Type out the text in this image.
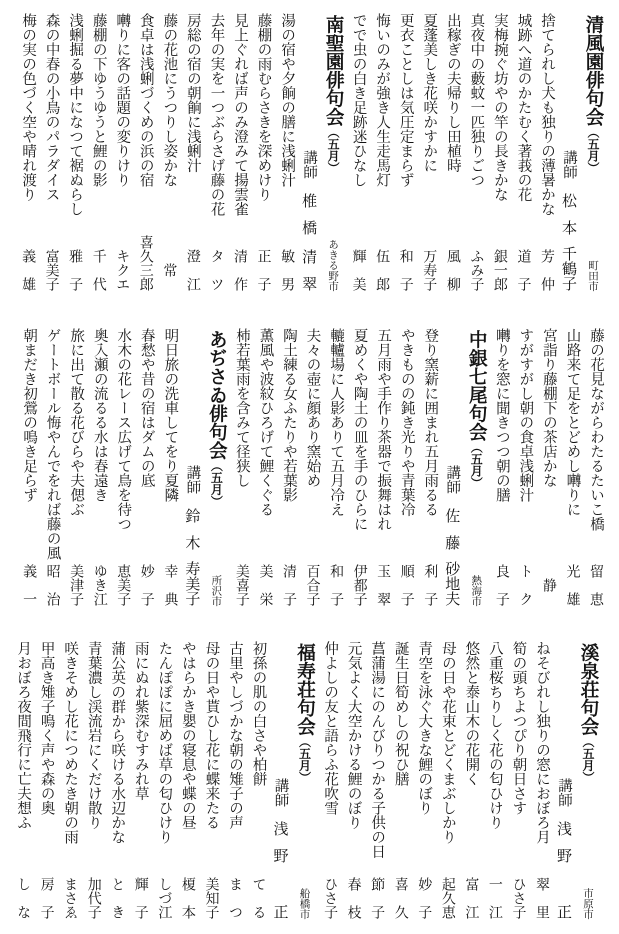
清風園俳句会（五月）
町田市
講師
松本
千鶴子
捨てられし犬も独りの薄暑かな
芳仲
城跡へ道のかたむく著莪の花
道子
実梅捥ぐ坊やの竿の長きかな
銀一郎
真夜中の藪蚊一匹独りごつ
ふみ子
出稼ぎの夫帰りし田植時
風柳
夏蓬美しき花咲かすかに
万寿子
更衣ことしは気圧定まらず
和子
悔いのみが強き人生走馬灯
伍郎
でで虫の白き足跡迷ひなし
輝美
南聖園俳句会（五月）
あきる野市
講師
椎橋
清翠
湯の宿や夕餉の膳に浅蜊汁
敏男
藤棚の雨むらさきを深めけり
正子
見上ぐれば声のみ澄みて揚雲雀
清作
去年の実を一つぶらさげ藤の花
タツ
房総の宿の朝餉に浅蜊汁
澄江
藤の花池にうつりし姿かな
常
食卓は浅蜊づくめの浜の宿
喜久三郎
囀りに客の話題の変りけり
キクエ
藤棚の下ゆうゆうと鯉の影
千代
浅蜊掘る夢中になつて裾ぬらし
雅子
森の中春の小鳥のパラダイス
富美子
梅の実の色づく空や晴れ渡り
義雄
藤の花見ながらわたるたいこ橋
留恵
山路来て足をとどめし囀りに
光雄
宮詣り藤棚下の茶店かな
静
すがすがし朝の食卓浅蜊汁
トク
囀りを窓に聞きつつ朝の膳
良子
中銀七尾句会（五月）
熱海市
講師
佐藤
砂地夫
登り窯薪に囲まれ五月雨るる
利子
やきものの鈍き光りや青葉冷
順子
五月雨や手作り茶器で振舞はれ
玉翠
夏めくや陶土の皿を手のひらに
伊都子
轆轤場に人影ありて五月冷え
和子
夫々の壺に顔あり窯始め
百合子
陶土練る女ふたりや若葉影
清子
薫風や波紋ひろげて鯉くぐる
美栄
柿若葉雨を含みて径狭し
美喜子
あぢさゐ俳句会（五月）
所沢市
講師
鈴木
寿美子
明日旅の洗車してをり夏隣
幸典
春愁や昔の宿はダムの底
妙子
水木の花レース広げて鳥を待つ
恵美子
奥入瀬の流るる水は春遠き
ゆき江
旅に出て散る花びらや夫偲ぶ
美津子
ゲートボール悔やんでをれば藤の風
昭治
朝まだき初鶯の鳴き足らず
義一
溪泉荘句会（五月）
市原市
講師
浅野
正
ねそびれし独りの窓におぼろ月
翠里
筍の頭ちよつぴり朝日さす
ひさ子
八重桜ちりしく花の匂ひけり
一江
悠然と泰山木の花開く
富江
母の日や花束とどくまぶしかり
起久恵
青空を泳ぐ大きな鯉のぼり
妙子
誕生日筍めしの祝ひ膳
喜久
菖蒲湯にのんびりつかる子供の日
節子
元気よく大空かける鯉のぼり
春枝
仲よしの友と語らふ花吹雪
ひさ子
福寿荘句会（五月）
船橋市
講師
浅野
正
初孫の肌の白さや柏餅
てる
古里やしづかな朝の雉子の声
まつ
母の日や貰ひし花に蝶来たる
美知子
やはらかき嬰の寝息や蝶の昼
榎本
たんぽぽに屈めば草の匂ひけり
しづ江
雨にぬれ紫深むすみれ草
輝子
蒲公英の群から咲ける水辺かな
とき
青葉濃し渓流岩にくだけ散り
加代子
咲きそめし花につめたき朝の雨
まさゑ
甲高き雉子鳴く声や森の奥
房子
月おぼろ夜間飛行に亡夫想ふ
しな
